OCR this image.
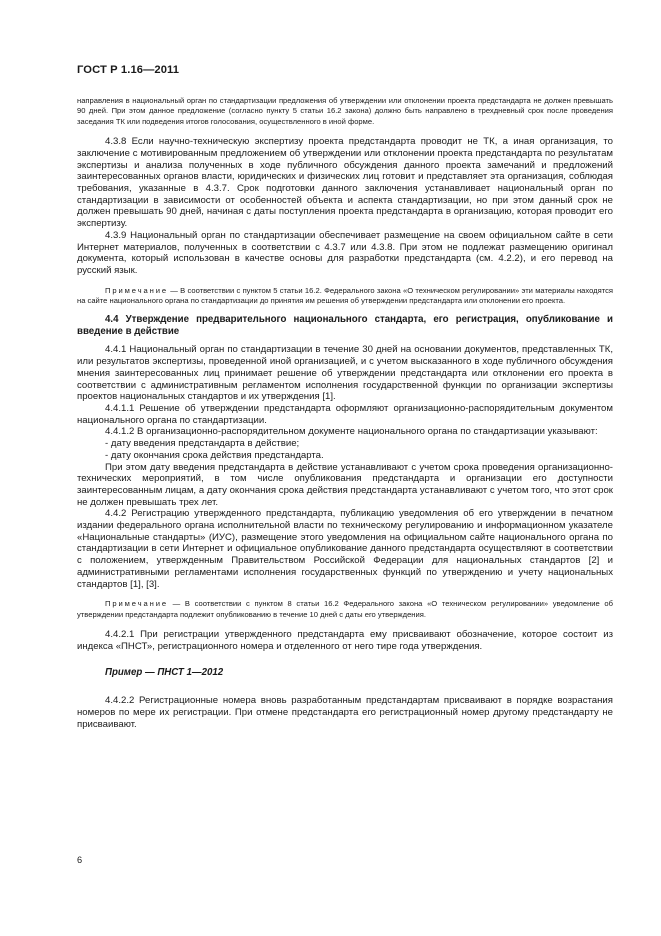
ГОСТ Р 1.16—2011

направления в национальный орган по стандартизации предложения об утверждении или отклонении проекта предстандарта не должен превышать 90 дней. При этом данное предложение (согласно пункту 5 статьи 16.2 закона) должно быть направлено в трехдневный срок после проведения заседания ТК или подведения итогов голосования, осуществленного в иной форме.

4.3.8 Если научно-техническую экспертизу проекта предстандарта проводит не ТК, а иная организация, то заключение с мотивированным предложением об утверждении или отклонении проекта предстандарта по результатам экспертизы и анализа полученных в ходе публичного обсуждения данного проекта замечаний и предложений заинтересованных органов власти, юридических и физических лиц готовит и представляет эта организация, соблюдая требования, указанные в 4.3.7. Срок подготовки данного заключения устанавливает национальный орган по стандартизации в зависимости от особенностей объекта и аспекта стандартизации, но при этом данный срок не должен превышать 90 дней, начиная с даты поступления проекта предстандарта в организацию, которая проводит его экспертизу.

4.3.9 Национальный орган по стандартизации обеспечивает размещение на своем официальном сайте в сети Интернет материалов, полученных в соответствии с 4.3.7 или 4.3.8. При этом не подлежат размещению оригинал документа, который использован в качестве основы для разработки предстандарта (см. 4.2.2), и его перевод на русский язык.

Примечание — В соответствии с пунктом 5 статьи 16.2. Федерального закона «О техническом регулировании» эти материалы находятся на сайте национального органа по стандартизации до принятия им решения об утверждении предстандарта или отклонении его проекта.

4.4 Утверждение предварительного национального стандарта, его регистрация, опубликование и введение в действие

4.4.1 Национальный орган по стандартизации в течение 30 дней на основании документов, представленных ТК, или результатов экспертизы, проведенной иной организацией, и с учетом высказанного в ходе публичного обсуждения мнения заинтересованных лиц принимает решение об утверждении предстандарта или отклонении его проекта в соответствии с административным регламентом исполнения государственной функции по организации экспертизы проектов национальных стандартов и их утверждения [1].

4.4.1.1 Решение об утверждении предстандарта оформляют организационно-распорядительным документом национального органа по стандартизации.

4.4.1.2 В организационно-распорядительном документе национального органа по стандартизации указывают:

- дату введения предстандарта в действие;

- дату окончания срока действия предстандарта.

При этом дату введения предстандарта в действие устанавливают с учетом срока проведения организационно-технических мероприятий, в том числе опубликования предстандарта и организации его доступности заинтересованным лицам, а дату окончания срока действия предстандарта устанавливают с учетом того, что этот срок не должен превышать трех лет.

4.4.2 Регистрацию утвержденного предстандарта, публикацию уведомления об его утверждении в печатном издании федерального органа исполнительной власти по техническому регулированию и информационном указателе «Национальные стандарты» (ИУС), размещение этого уведомления на официальном сайте национального органа по стандартизации в сети Интернет и официальное опубликование данного предстандарта осуществляют в соответствии с положением, утвержденным Правительством Российской Федерации для национальных стандартов [2] и административными регламентами исполнения государственных функций по утверждению и учету национальных стандартов [1], [3].

Примечание — В соответствии с пунктом 8 статьи 16.2 Федерального закона «О техническом регулировании» уведомление об утверждении предстандарта подлежит опубликованию в течение 10 дней с даты его утверждения.

4.4.2.1 При регистрации утвержденного предстандарта ему присваивают обозначение, которое состоит из индекса «ПНСТ», регистрационного номера и отделенного от него тире года утверждения.

Пример — ПНСТ 1—2012

4.4.2.2 Регистрационные номера вновь разработанным предстандартам присваивают в порядке возрастания номеров по мере их регистрации. При отмене предстандарта его регистрационный номер другому предстандарту не присваивают.

6
